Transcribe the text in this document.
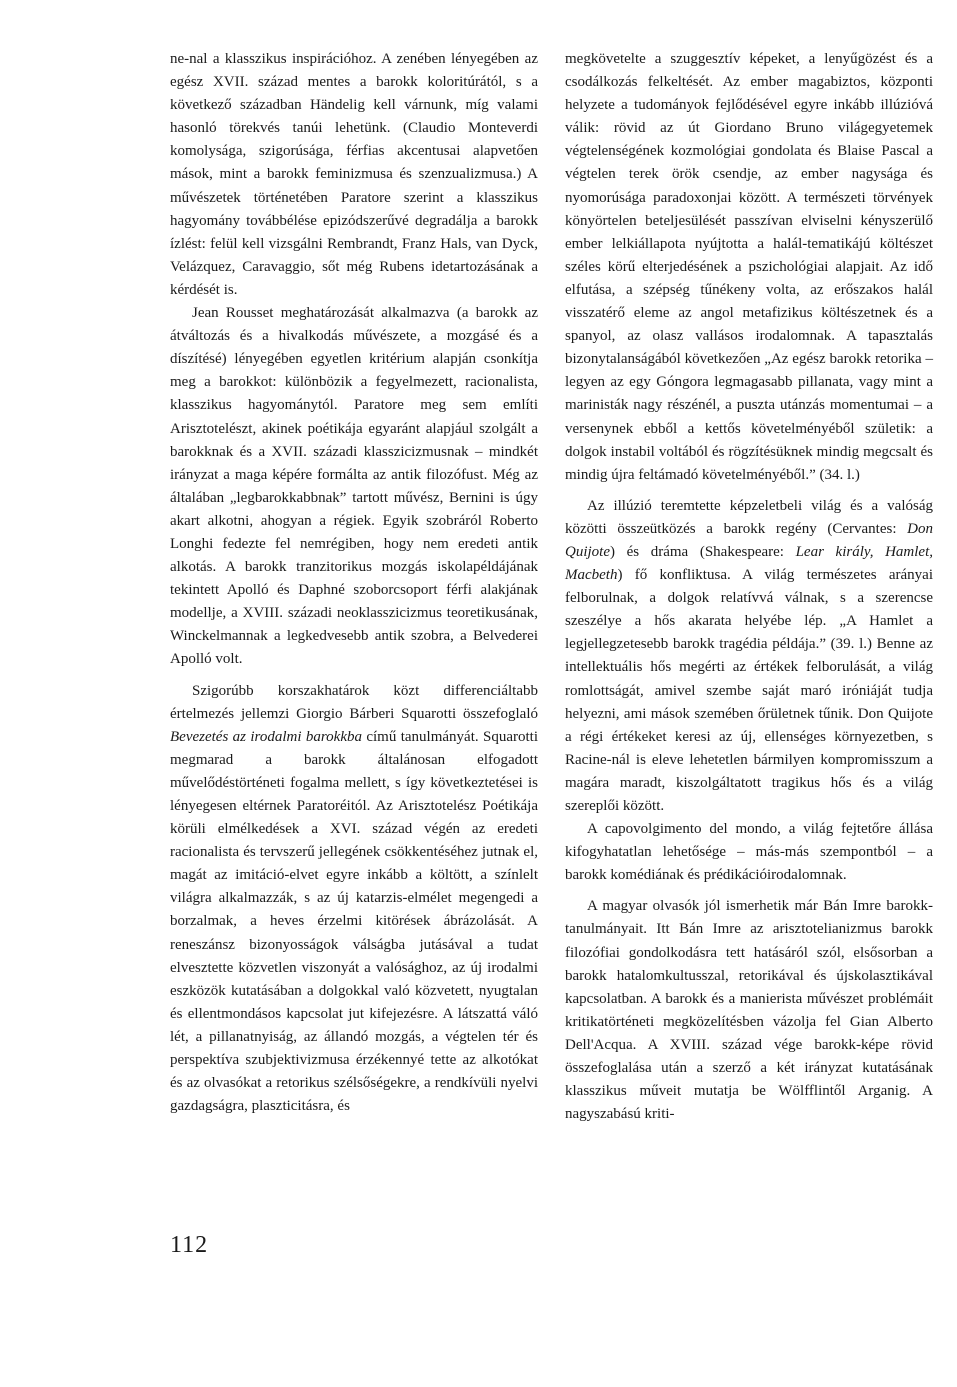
ne-nal a klasszikus inspirációhoz. A zenében lényegében az egész XVII. század mentes a barokk koloritúrától, s a következő században Händelig kell várnunk, míg valami hasonló törekvés tanúi lehetünk. (Claudio Monteverdi komolysága, szigorúsága, férfias akcentusai alapvetően mások, mint a barokk feminizmusa és szenzualizmusa.) A művészetek történetében Paratore szerint a klasszikus hagyomány továbbélése epizódszerűvé degradálja a barokk ízlést: felül kell vizsgálni Rembrandt, Franz Hals, van Dyck, Velázquez, Caravaggio, sőt még Rubens idetartozásának a kérdését is.

Jean Rousset meghatározását alkalmazva (a barokk az átváltozás és a hivalkodás művészete, a mozgásé és a díszítésé) lényegében egyetlen kritérium alapján csonkítja meg a barokkot: különbözik a fegyelmezett, racionalista, klasszikus hagyománytól. Paratore meg sem említi Arisztotelészt, akinek poétikája egyaránt alapjául szolgált a barokknak és a XVII. századi klasszicizmusnak – mindkét irányzat a maga képére formálta az antik filozófust. Még az általában „legbarokkabbnak” tartott művész, Bernini is úgy akart alkotni, ahogyan a régiek. Egyik szobráról Roberto Longhi fedezte fel nemrégiben, hogy nem eredeti antik alkotás. A barokk tranzitorikus mozgás iskolapéldájának tekintett Apolló és Daphné szoborcsoport férfi alakjának modellje, a XVIII. századi neoklasszicizmus teoretikusának, Winckelmannak a legkedvesebb antik szobra, a Belvederei Apolló volt.

Szigorúbb korszakhatárok közt differenciáltabb értelmezés jellemzi Giorgio Bárberi Squarotti összefoglaló Bevezetés az irodalmi barokkba című tanulmányát. Squarotti megmarad a barokk általánosan elfogadott művelődéstörténeti fogalma mellett, s így következtetései is lényegesen eltérnek Paratoréitól. Az Arisztotelész Poétikája körüli elmélkedések a XVI. század végén az eredeti racionalista és tervszerű jellegének csökkentéséhez jutnak el, magát az imitáció-elvet egyre inkább a költött, a színlelt világra alkalmazzák, s az új katarzis-elmélet megengedi a borzalmak, a heves érzelmi kitörések ábrázolását. A reneszánsz bizonyosságok válságba jutásával a tudat elvesztette közvetlen viszonyát a valósághoz, az új irodalmi eszközök kutatásában a dolgokkal való közvetett, nyugtalan és ellentmondásos kapcsolat jut kifejezésre. A látszattá váló lét, a pillanatnyiság, az állandó mozgás, a végtelen tér és perspektíva szubjektivizmusa érzékennyé tette az alkotókat és az olvasókat a retorikus szélsőségekre, a rendkívüli nyelvi gazdagságra, plaszticitásra, és

megkövetelte a szuggesztív képeket, a lenyűgözést és a csodálkozás felkeltését. Az ember magabiztos, központi helyzete a tudományok fejlődésével egyre inkább illúzióvá válik: rövid az út Giordano Bruno világegyetemek végtelenségének kozmológiai gondolata és Blaise Pascal a végtelen terek örök csendje, az ember nagysága és nyomorúsága paradoxonjai között. A természeti törvények könyörtelen beteljesülését passzívan elviselni kényszerülő ember lelkiállapota nyújtotta a halál-tematikájú költészet széles körű elterjedésének a pszichológiai alapjait. Az idő elfutása, a szépség tűnékeny volta, az erőszakos halál visszatérő eleme az angol metafizikus költészetnek és a spanyol, az olasz vallásos irodalomnak. A tapasztalás bizonytalanságából következően „Az egész barokk retorika – legyen az egy Góngora legmagasabb pillanata, vagy mint a marinisták nagy részénél, a puszta utánzás momentumai – a versenynek ebből a kettős követelményéből születik: a dolgok instabil voltából és rögzítésüknek mindig megcsalt és mindig újra feltámadó követelményéből.” (34. l.)

Az illúzió teremtette képzeletbeli világ és a valóság közötti összeütközés a barokk regény (Cervantes: Don Quijote) és dráma (Shakespeare: Lear király, Hamlet, Macbeth) fő konfliktusa. A világ természetes arányai felborulnak, a dolgok relatívvá válnak, s a szerencse szeszélye a hős akarata helyébe lép. „A Hamlet a legjellegzetesebb barokk tragédia példája.” (39. l.) Benne az intellektuális hős megérti az értékek felborulását, a világ romlottságát, amivel szembe saját maró iróniáját tudja helyezni, ami mások szemében őrületnek tűnik. Don Quijote a régi értékeket keresi az új, ellenséges környezetben, s Racine-nál is eleve lehetetlen bármilyen kompromisszum a magára maradt, kiszolgáltatott tragikus hős és a világ szereplői között.

A capovolgimento del mondo, a világ fejtetőre állása kifogyhatatlan lehetősége – más-más szempontból – a barokk komédiának és prédikációirodalomnak.

A magyar olvasók jól ismerhetik már Bán Imre barokk-tanulmányait. Itt Bán Imre az arisztotelianizmus barokk filozófiai gondolkodásra tett hatásáról szól, elsősorban a barokk hatalomkultusszal, retorikával és újskolasztikával kapcsolatban. A barokk és a manierista művészet problémáit kritikatörténeti megközelítésben vázolja fel Gian Alberto Dell'Acqua. A XVIII. század vége barokk-képe rövid összefoglalása után a szerző a két irányzat kutatásának klasszikus műveit mutatja be Wölfflintől Arganig. A nagyszabású kriti-

112
